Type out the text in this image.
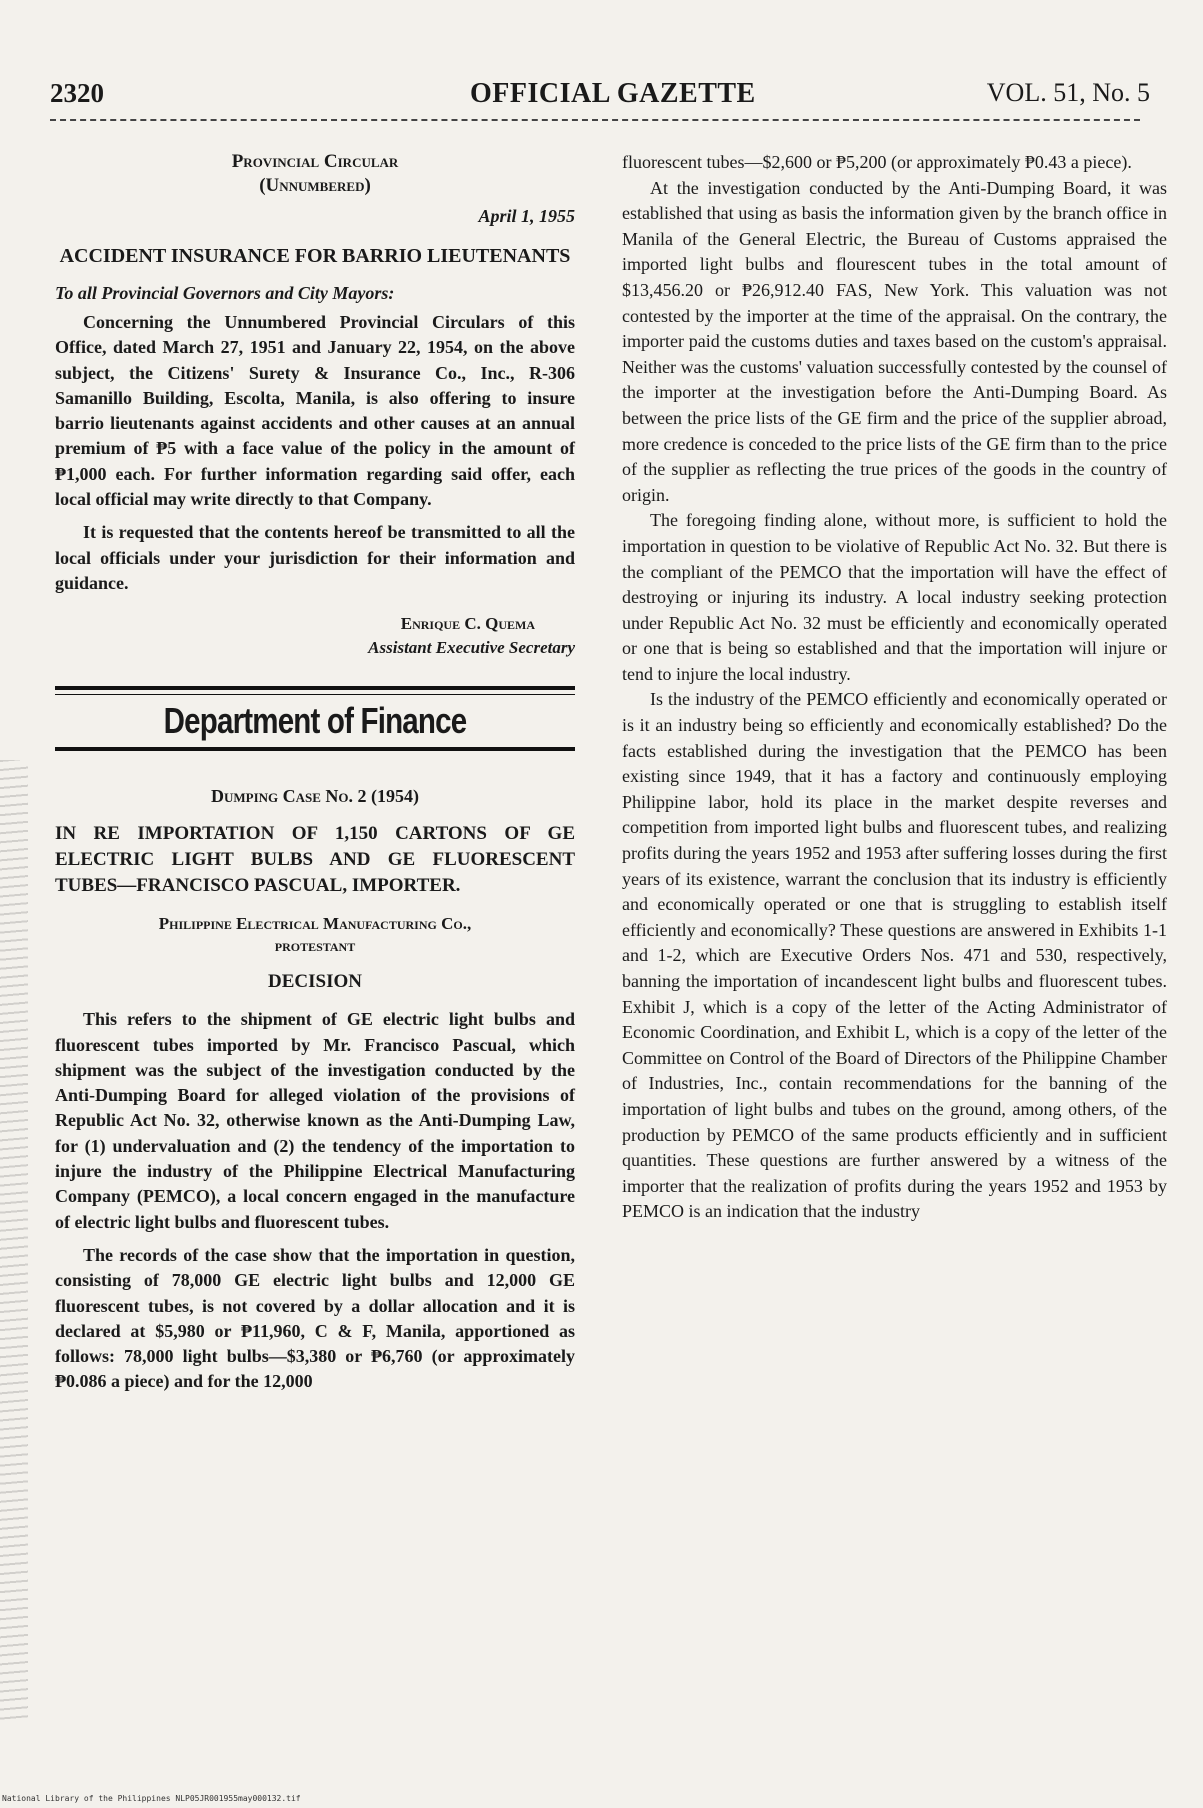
2320	OFFICIAL GAZETTE	VOL. 51, No. 5
Provincial Circular
(Unnumbered)
April 1, 1955
ACCIDENT INSURANCE FOR BARRIO LIEUTENANTS
To all Provincial Governors and City Mayors:

Concerning the Unnumbered Provincial Circulars of this Office, dated March 27, 1951 and January 22, 1954, on the above subject, the Citizens' Surety & Insurance Co., Inc., R-306 Samanillo Building, Escolta, Manila, is also offering to insure barrio lieutenants against accidents and other causes at an annual premium of ₱5 with a face value of the policy in the amount of ₱1,000 each. For further information regarding said offer, each local official may write directly to that Company.

It is requested that the contents hereof be transmitted to all the local officials under your jurisdiction for their information and guidance.

Enrique C. Quema
Assistant Executive Secretary
Department of Finance
Dumping Case No. 2 (1954)
IN RE IMPORTATION OF 1,150 CARTONS OF GE ELECTRIC LIGHT BULBS AND GE FLUORESCENT TUBES—FRANCISCO PASCUAL, IMPORTER.
Philippine Electrical Manufacturing Co.,
protestant
DECISION

This refers to the shipment of GE electric light bulbs and fluorescent tubes imported by Mr. Francisco Pascual, which shipment was the subject of the investigation conducted by the Anti-Dumping Board for alleged violation of the provisions of Republic Act No. 32, otherwise known as the Anti-Dumping Law, for (1) undervaluation and (2) the tendency of the importation to injure the industry of the Philippine Electrical Manufacturing Company (PEMCO), a local concern engaged in the manufacture of electric light bulbs and fluorescent tubes.

The records of the case show that the importation in question, consisting of 78,000 GE electric light bulbs and 12,000 GE fluorescent tubes, is not covered by a dollar allocation and it is declared at $5,980 or ₱11,960, C & F, Manila, apportioned as follows: 78,000 light bulbs—$3,380 or ₱6,760 (or approximately ₱0.086 a piece) and for the 12,000

fluorescent tubes—$2,600 or ₱5,200 (or approximately ₱0.43 a piece).

At the investigation conducted by the Anti-Dumping Board, it was established that using as basis the information given by the branch office in Manila of the General Electric, the Bureau of Customs appraised the imported light bulbs and flourescent tubes in the total amount of $13,456.20 or ₱26,912.40 FAS, New York. This valuation was not contested by the importer at the time of the appraisal. On the contrary, the importer paid the customs duties and taxes based on the custom's appraisal. Neither was the customs' valuation successfully contested by the counsel of the importer at the investigation before the Anti-Dumping Board. As between the price lists of the GE firm and the price of the supplier abroad, more credence is conceded to the price lists of the GE firm than to the price of the supplier as reflecting the true prices of the goods in the country of origin.

The foregoing finding alone, without more, is sufficient to hold the importation in question to be violative of Republic Act No. 32. But there is the compliant of the PEMCO that the importation will have the effect of destroying or injuring its industry. A local industry seeking protection under Republic Act No. 32 must be efficiently and economically operated or one that is being so established and that the importation will injure or tend to injure the local industry.

Is the industry of the PEMCO efficiently and economically operated or is it an industry being so efficiently and economically established? Do the facts established during the investigation that the PEMCO has been existing since 1949, that it has a factory and continuously employing Philippine labor, hold its place in the market despite reverses and competition from imported light bulbs and fluorescent tubes, and realizing profits during the years 1952 and 1953 after suffering losses during the first years of its existence, warrant the conclusion that its industry is efficiently and economically operated or one that is struggling to establish itself efficiently and economically? These questions are answered in Exhibits 1-1 and 1-2, which are Executive Orders Nos. 471 and 530, respectively, banning the importation of incandescent light bulbs and fluorescent tubes. Exhibit J, which is a copy of the letter of the Acting Administrator of Economic Coordination, and Exhibit L, which is a copy of the letter of the Committee on Control of the Board of Directors of the Philippine Chamber of Industries, Inc., contain recommendations for the banning of the importation of light bulbs and tubes on the ground, among others, of the production by PEMCO of the same products efficiently and in sufficient quantities. These questions are further answered by a witness of the importer that the realization of profits during the years 1952 and 1953 by PEMCO is an indication that the industry

National Library of the Philippines NLP05JR001955may000132.tif
